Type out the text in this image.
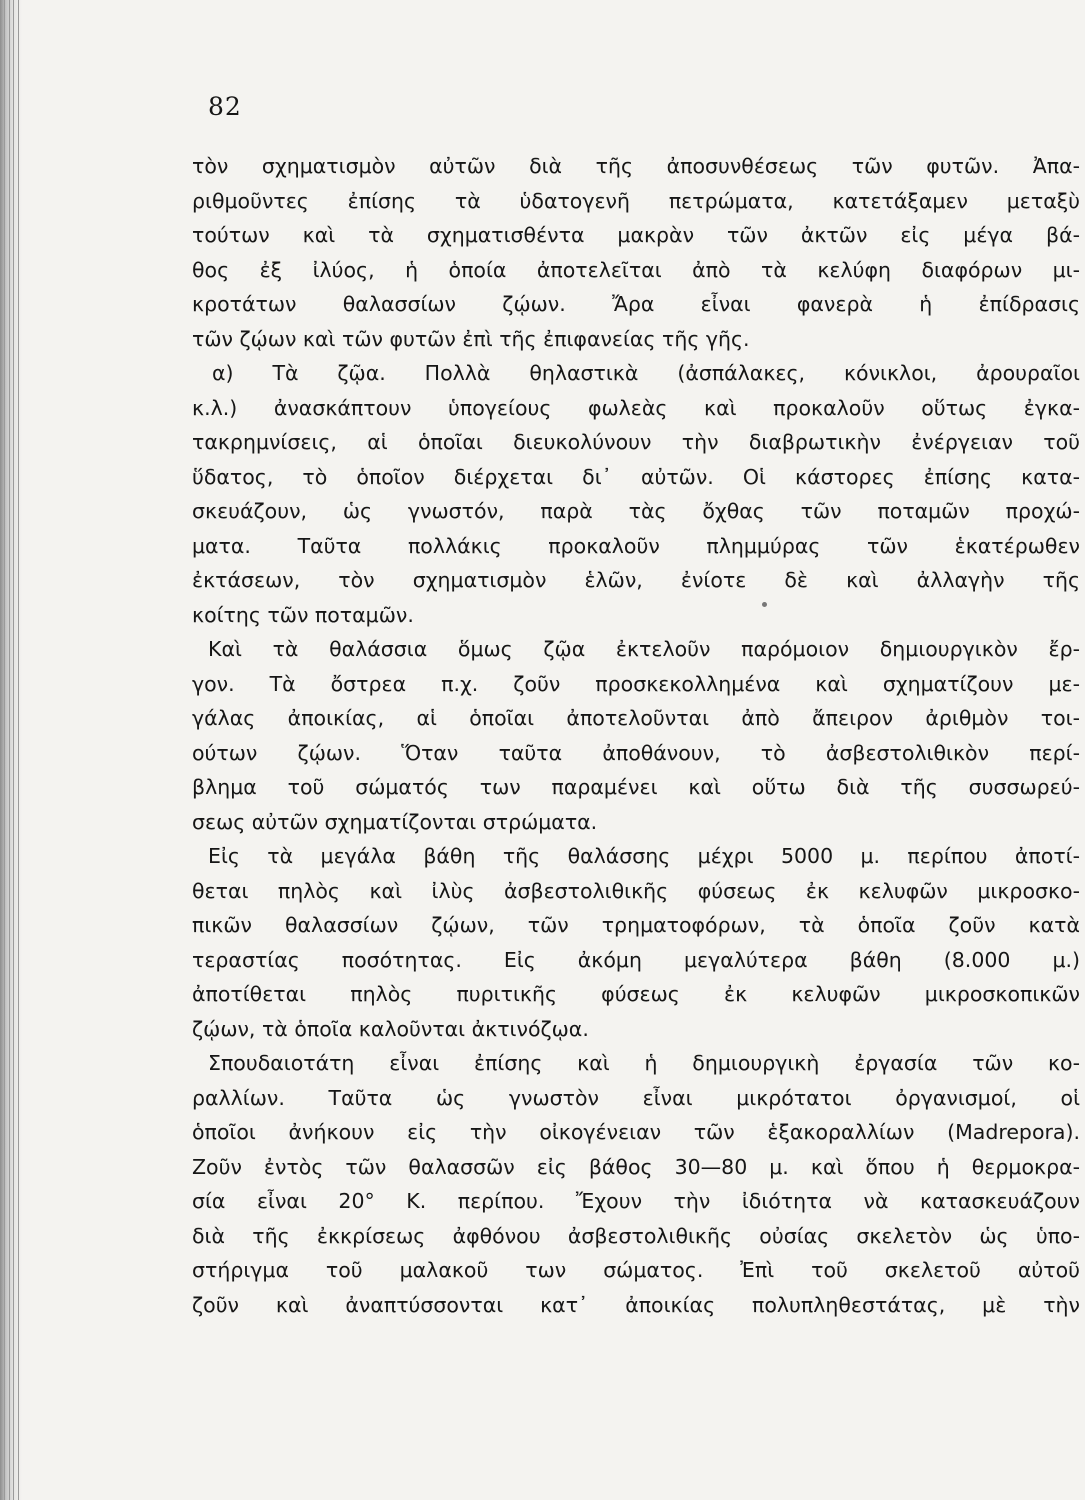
82
τὸν σχηματισμὸν αὐτῶν διὰ τῆς ἀποσυνθέσεως τῶν φυτῶν. Ἀπα-
ριθμοῦντες ἐπίσης τὰ ὑδατογενῆ πετρώματα, κατετάξαμεν μεταξὺ
τούτων καὶ τὰ σχηματισθέντα μακρὰν τῶν ἀκτῶν εἰς μέγα βά-
θος ἐξ ἰλύος, ἡ ὁποία ἀποτελεῖται ἀπὸ τὰ κελύφη διαφόρων μι-
κροτάτων θαλασσίων ζῴων. Ἄρα εἶναι φανερὰ ἡ ἐπίδρασις
τῶν ζῴων καὶ τῶν φυτῶν ἐπὶ τῆς ἐπιφανείας τῆς γῆς.
α) Τὰ ζῷα. Πολλὰ θηλαστικὰ (ἀσπάλακες, κόνικλοι, ἀρουραῖοι
κ.λ.) ἀνασκάπτουν ὑπογείους φωλεὰς καὶ προκαλοῦν οὕτως ἐγκα-
τακρημνίσεις, αἱ ὁποῖαι διευκολύνουν τὴν διαβρωτικὴν ἐνέργειαν τοῦ
ὕδατος, τὸ ὁποῖον διέρχεται δι᾽ αὐτῶν. Οἱ κάστορες ἐπίσης κατα-
σκευάζουν, ὡς γνωστόν, παρὰ τὰς ὄχθας τῶν ποταμῶν προχώ-
ματα. Ταῦτα πολλάκις προκαλοῦν πλημμύρας τῶν ἑκατέρωθεν
ἐκτάσεων, τὸν σχηματισμὸν ἑλῶν, ἐνίοτε δὲ καὶ ἀλλαγὴν τῆς
κοίτης τῶν ποταμῶν.
Καὶ τὰ θαλάσσια ὅμως ζῷα ἐκτελοῦν παρόμοιον δημιουργικὸν ἔρ-
γον. Τὰ ὄστρεα π.χ. ζοῦν προσκεκολλημένα καὶ σχηματίζουν με-
γάλας ἀποικίας, αἱ ὁποῖαι ἀποτελοῦνται ἀπὸ ἄπειρον ἀριθμὸν τοι-
ούτων ζῴων. Ὅταν ταῦτα ἀποθάνουν, τὸ ἀσβεστολιθικὸν περί-
βλημα τοῦ σώματός των παραμένει καὶ οὕτω διὰ τῆς συσσωρεύ-
σεως αὐτῶν σχηματίζονται στρώματα.
Εἰς τὰ μεγάλα βάθη τῆς θαλάσσης μέχρι 5000 μ. περίπου ἀποτί-
θεται πηλὸς καὶ ἰλὺς ἀσβεστολιθικῆς φύσεως ἐκ κελυφῶν μικροσκο-
πικῶν θαλασσίων ζῴων, τῶν τρηματοφόρων, τὰ ὁποῖα ζοῦν κατὰ
τεραστίας ποσότητας. Εἰς ἀκόμη μεγαλύτερα βάθη (8.000 μ.)
ἀποτίθεται πηλὸς πυριτικῆς φύσεως ἐκ κελυφῶν μικροσκοπικῶν
ζῴων, τὰ ὁποῖα καλοῦνται ἀκτινόζῳα.
Σπουδαιοτάτη εἶναι ἐπίσης καὶ ἡ δημιουργικὴ ἐργασία τῶν κο-
ραλλίων. Ταῦτα ὡς γνωστὸν εἶναι μικρότατοι ὀργανισμοί, οἱ
ὁποῖοι ἀνήκουν εἰς τὴν οἰκογένειαν τῶν ἑξακοραλλίων (Madrepora).
Ζοῦν ἐντὸς τῶν θαλασσῶν εἰς βάθος 30—80 μ. καὶ ὅπου ἡ θερμοκρα-
σία εἶναι 20° Κ. περίπου. Ἔχουν τὴν ἰδιότητα νὰ κατασκευάζουν
διὰ τῆς ἐκκρίσεως ἀφθόνου ἀσβεστολιθικῆς οὐσίας σκελετὸν ὡς ὑπο-
στήριγμα τοῦ μαλακοῦ των σώματος. Ἐπὶ τοῦ σκελετοῦ αὐτοῦ
ζοῦν καὶ ἀναπτύσσονται κατ᾽ ἀποικίας πολυπληθεστάτας, μὲ τὴν
